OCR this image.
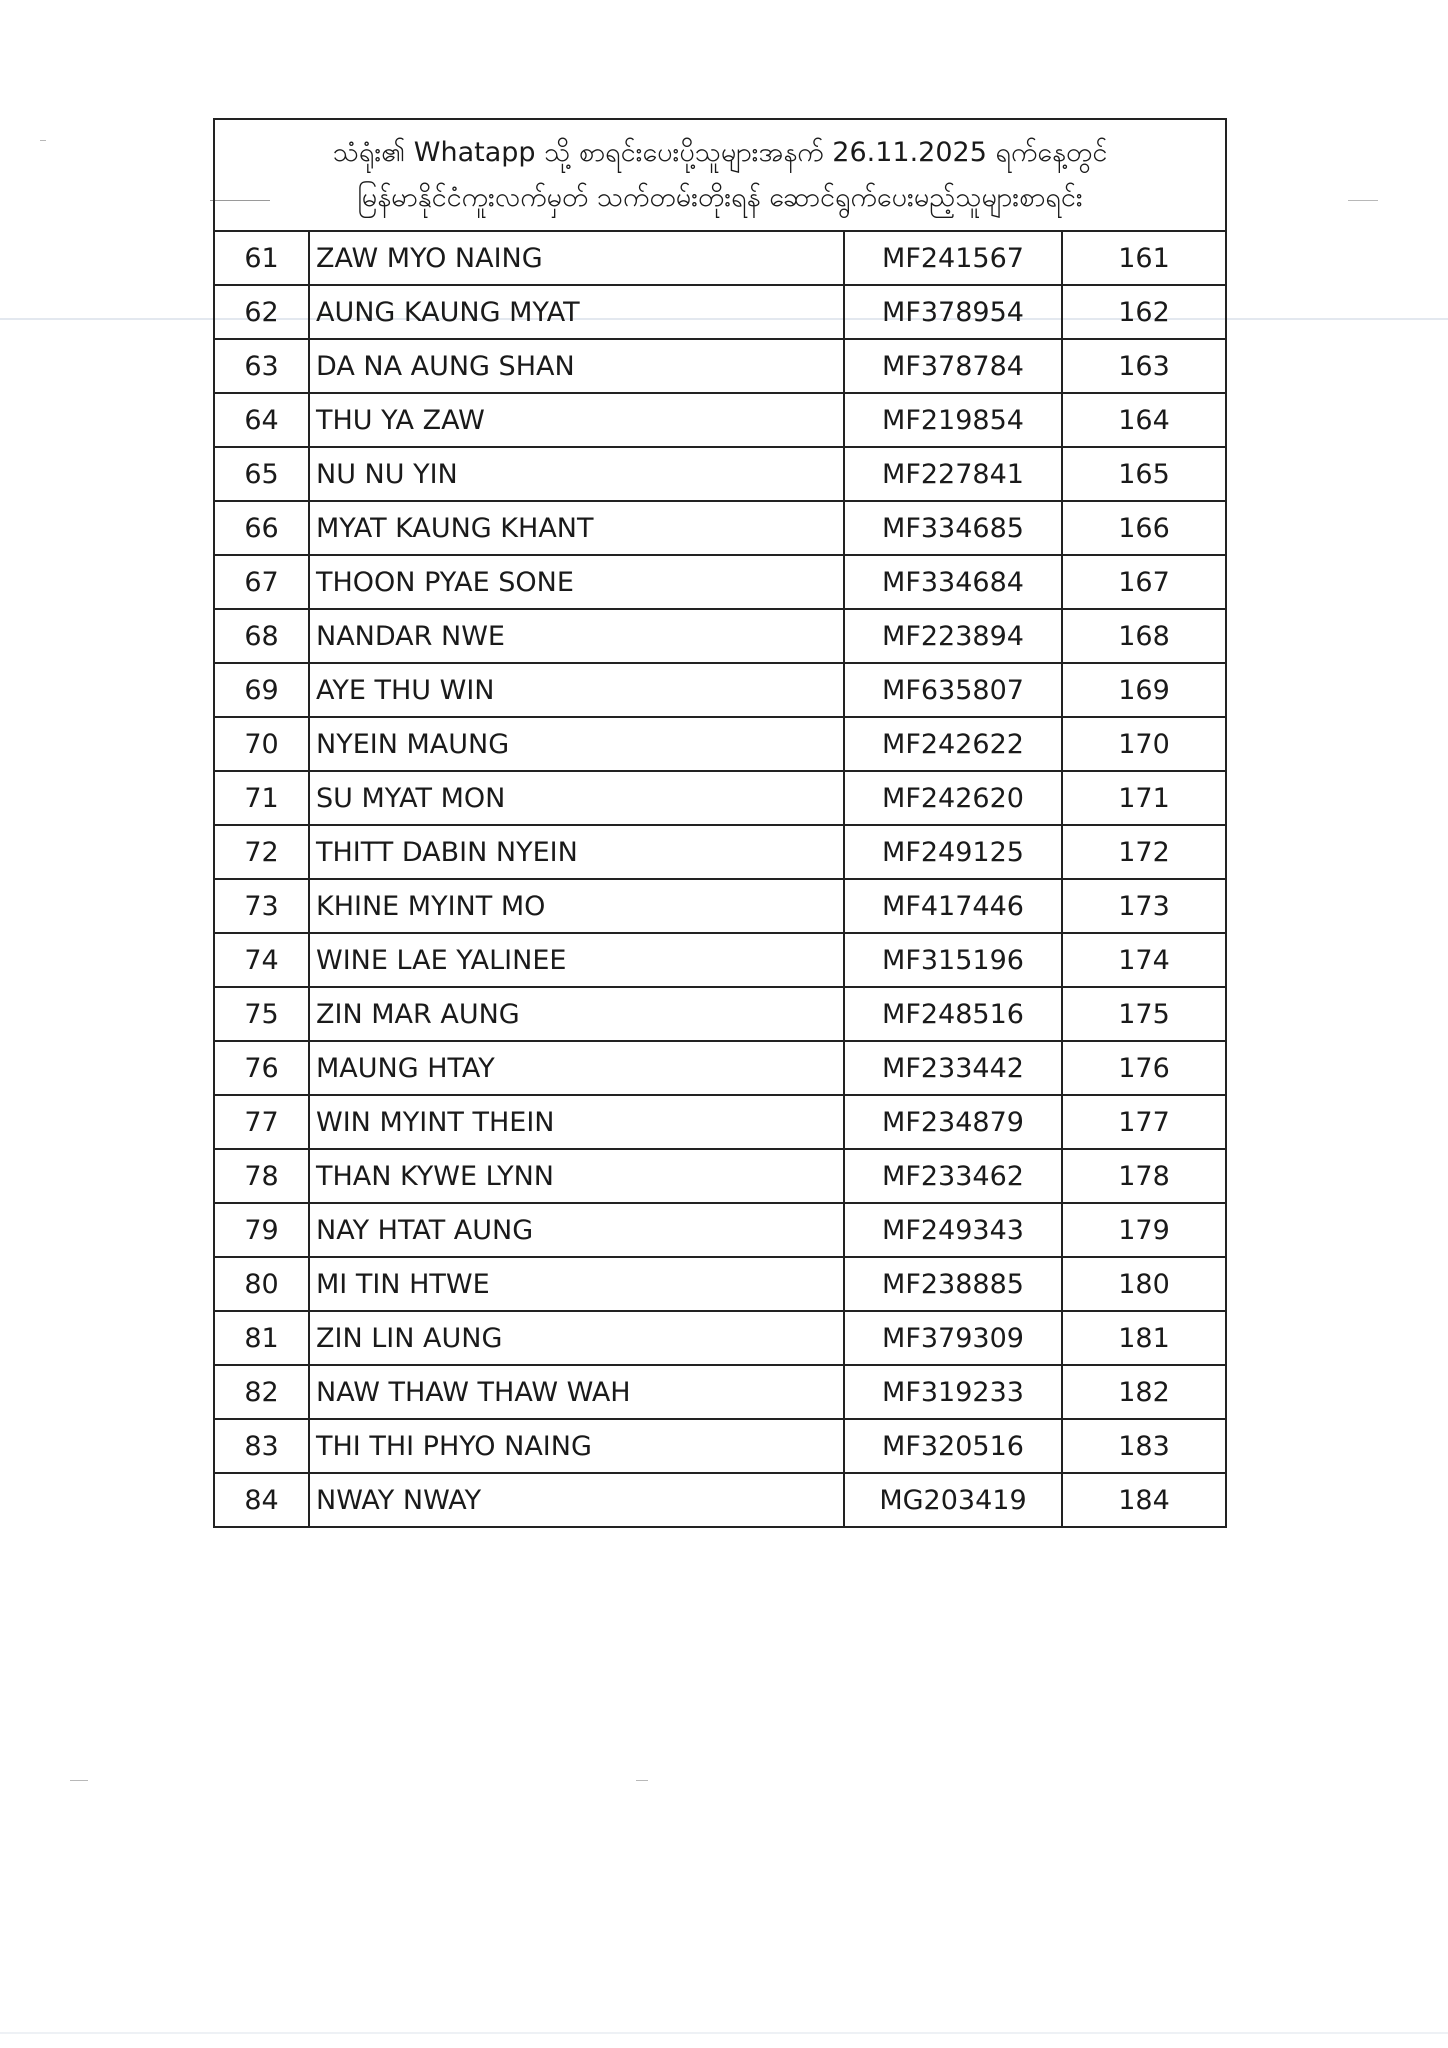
သံရုံး၏ Whatapp သို့ စာရင်းပေးပို့သူများအနက် 26.11.2025 ရက်နေ့တွင်
မြန်မာနိုင်ငံကူးလက်မှတ် သက်တမ်းတိုးရန် ဆောင်ရွက်ပေးမည့်သူများစာရင်း			

61	ZAW MYO NAING	MF241567	161
62	AUNG KAUNG MYAT	MF378954	162
63	DA NA AUNG SHAN	MF378784	163
64	THU YA ZAW	MF219854	164
65	NU NU YIN	MF227841	165
66	MYAT KAUNG KHANT	MF334685	166
67	THOON PYAE SONE	MF334684	167
68	NANDAR NWE	MF223894	168
69	AYE THU WIN	MF635807	169
70	NYEIN MAUNG	MF242622	170
71	SU MYAT MON	MF242620	171
72	THITT DABIN NYEIN	MF249125	172
73	KHINE MYINT MO	MF417446	173
74	WINE LAE YALINEE	MF315196	174
75	ZIN MAR AUNG	MF248516	175
76	MAUNG HTAY	MF233442	176
77	WIN MYINT THEIN	MF234879	177
78	THAN KYWE LYNN	MF233462	178
79	NAY HTAT AUNG	MF249343	179
80	MI TIN HTWE	MF238885	180
81	ZIN LIN AUNG	MF379309	181
82	NAW THAW THAW WAH	MF319233	182
83	THI THI PHYO NAING	MF320516	183
84	NWAY NWAY	MG203419	184
